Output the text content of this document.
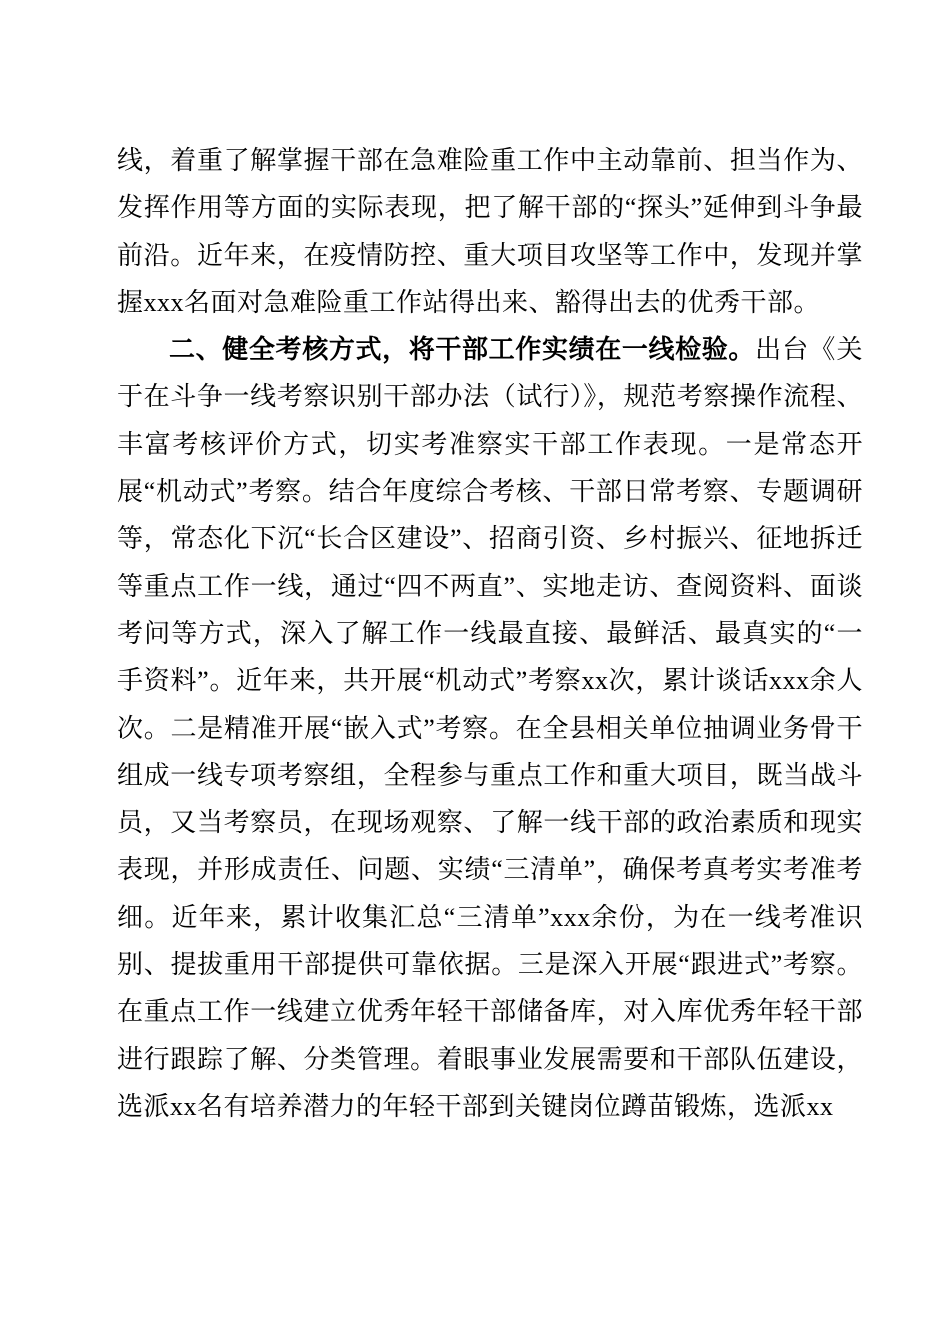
线，着重了解掌握干部在急难险重工作中主动靠前、担当作为、发挥作用等方面的实际表现，把了解干部的“探头”延伸到斗争最前沿。近年来，在疫情防控、重大项目攻坚等工作中，发现并掌握xxx名面对急难险重工作站得出来、豁得出去的优秀干部。

二、健全考核方式，将干部工作实绩在一线检验。出台《关于在斗争一线考察识别干部办法（试行）》，规范考察操作流程、丰富考核评价方式，切实考准察实干部工作表现。一是常态开展“机动式”考察。结合年度综合考核、干部日常考察、专题调研等，常态化下沉“长合区建设”、招商引资、乡村振兴、征地拆迁等重点工作一线，通过“四不两直”、实地走访、查阅资料、面谈考问等方式，深入了解工作一线最直接、最鲜活、最真实的“一手资料”。近年来，共开展“机动式”考察xx次，累计谈话xxx余人次。二是精准开展“嵌入式”考察。在全县相关单位抽调业务骨干组成一线专项考察组，全程参与重点工作和重大项目，既当战斗员，又当考察员，在现场观察、了解一线干部的政治素质和现实表现，并形成责任、问题、实绩“三清单”，确保考真考实考准考细。近年来，累计收集汇总“三清单”xxx余份，为在一线考准识别、提拔重用干部提供可靠依据。三是深入开展“跟进式”考察。在重点工作一线建立优秀年轻干部储备库，对入库优秀年轻干部进行跟踪了解、分类管理。着眼事业发展需要和干部队伍建设，选派xx名有培养潜力的年轻干部到关键岗位蹲苗锻炼，选派xx
